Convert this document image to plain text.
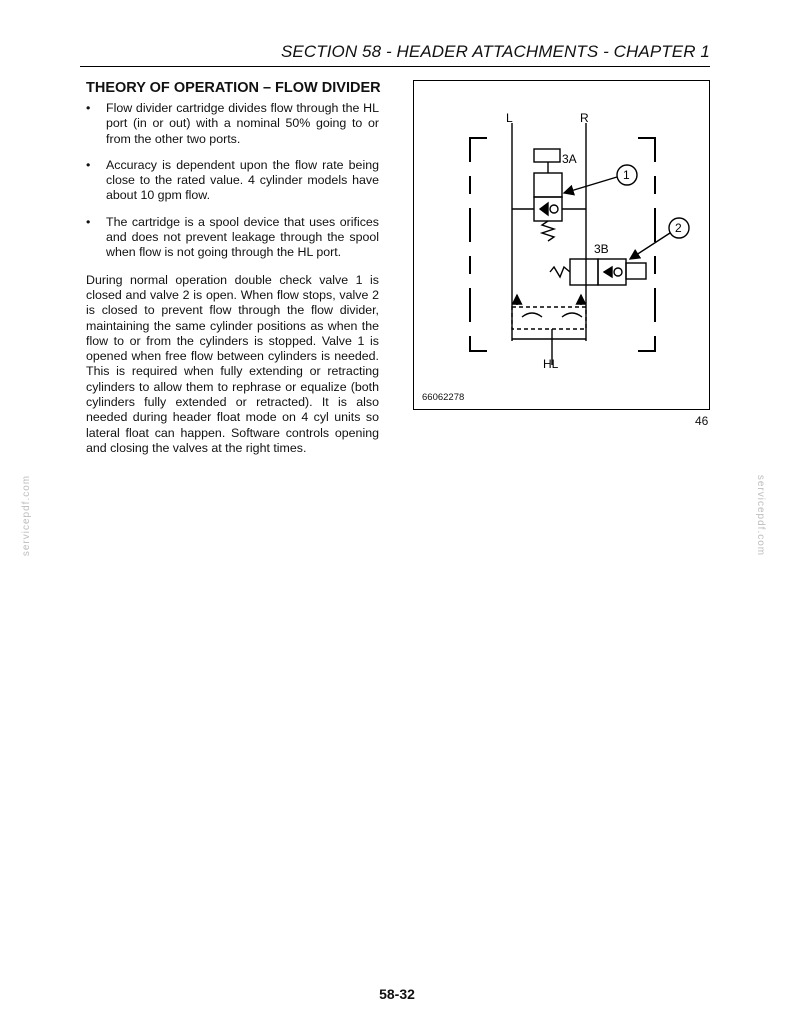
SECTION 58 - HEADER ATTACHMENTS - CHAPTER 1
THEORY OF OPERATION – FLOW DIVIDER
• Flow divider cartridge divides flow through the HL port (in or out) with a nominal 50% going to or from the other two ports.
• Accuracy is dependent upon the flow rate being close to the rated value. 4 cylinder models have about 10 gpm flow.
• The cartridge is a spool device that uses orifices and does not prevent leakage through the spool when flow is not going through the HL port.

During normal operation double check valve 1 is closed and valve 2 is open. When flow stops, valve 2 is closed to prevent flow through the flow divider, maintaining the same cylinder positions as when the flow to or from the cylinders is stopped. Valve 1 is opened when free flow between cylinders is needed. This is required when fully extending or retracting cylinders to allow them to rephrase or equalize (both cylinders fully extended or retracted). It is also needed during header float mode on 4 cyl units so lateral float can happen. Software controls opening and closing the valves at the right times.

L	R
HL
3A
3B
1
2
66062278
46
servicepdf.com	servicepdf.com
58-32
